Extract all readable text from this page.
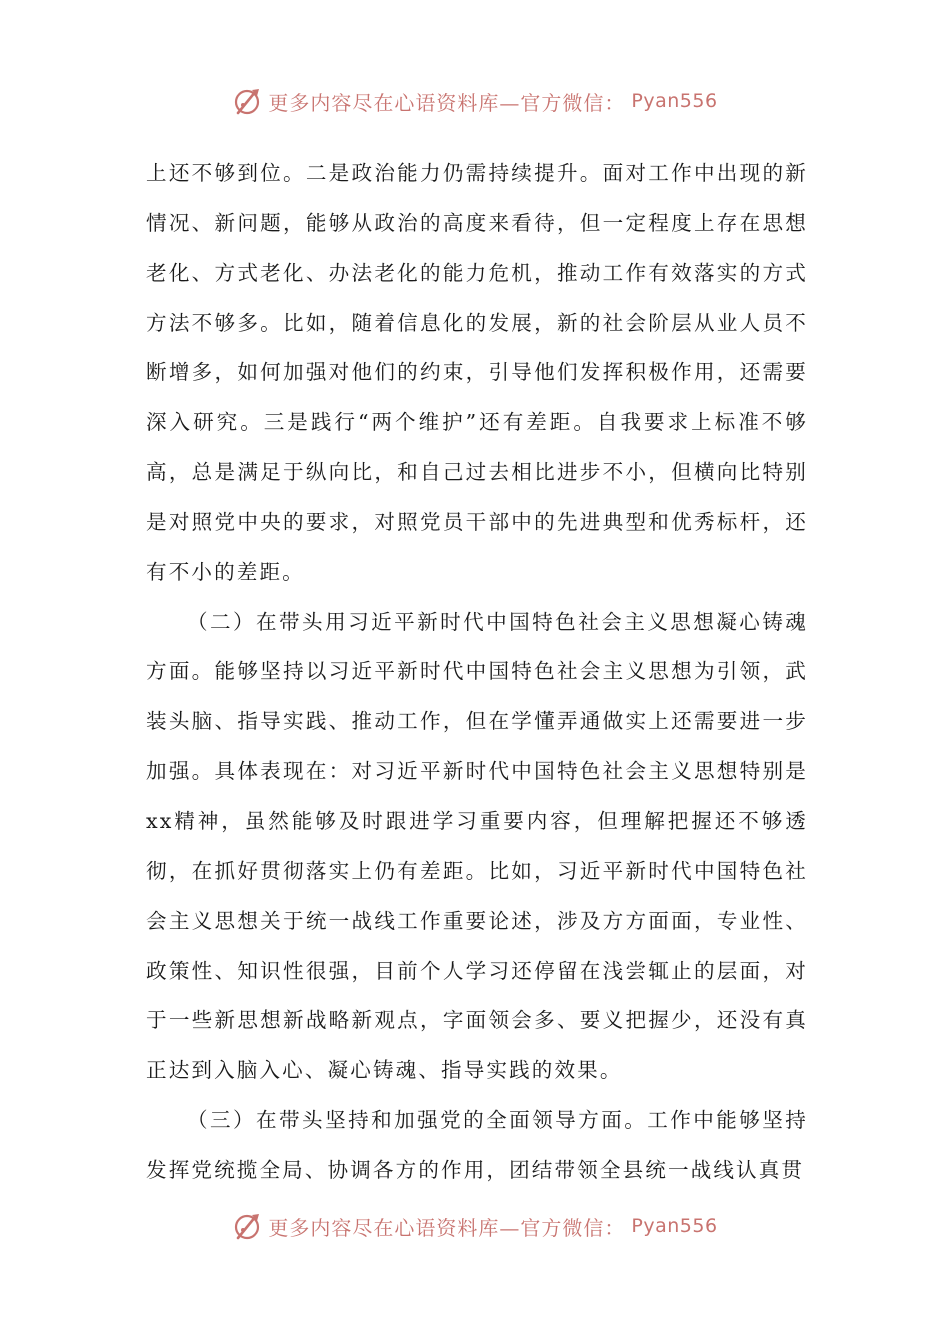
更多内容尽在心语资料库—官方微信： Pyan556

上还不够到位。二是政治能力仍需持续提升。面对工作中出现的新情况、新问题，能够从政治的高度来看待，但一定程度上存在思想老化、方式老化、办法老化的能力危机，推动工作有效落实的方式方法不够多。比如，随着信息化的发展，新的社会阶层从业人员不断增多，如何加强对他们的约束，引导他们发挥积极作用，还需要深入研究。三是践行“两个维护”还有差距。自我要求上标准不够高，总是满足于纵向比，和自己过去相比进步不小，但横向比特别是对照党中央的要求，对照党员干部中的先进典型和优秀标杆，还有不小的差距。

（二）在带头用习近平新时代中国特色社会主义思想凝心铸魂方面。能够坚持以习近平新时代中国特色社会主义思想为引领，武装头脑、指导实践、推动工作，但在学懂弄通做实上还需要进一步加强。具体表现在：对习近平新时代中国特色社会主义思想特别是xx精神，虽然能够及时跟进学习重要内容，但理解把握还不够透彻，在抓好贯彻落实上仍有差距。比如，习近平新时代中国特色社会主义思想关于统一战线工作重要论述，涉及方方面面，专业性、政策性、知识性很强，目前个人学习还停留在浅尝辄止的层面，对于一些新思想新战略新观点，字面领会多、要义把握少，还没有真正达到入脑入心、凝心铸魂、指导实践的效果。

（三）在带头坚持和加强党的全面领导方面。工作中能够坚持发挥党统揽全局、协调各方的作用，团结带领全县统一战线认真贯

更多内容尽在心语资料库—官方微信： Pyan556
